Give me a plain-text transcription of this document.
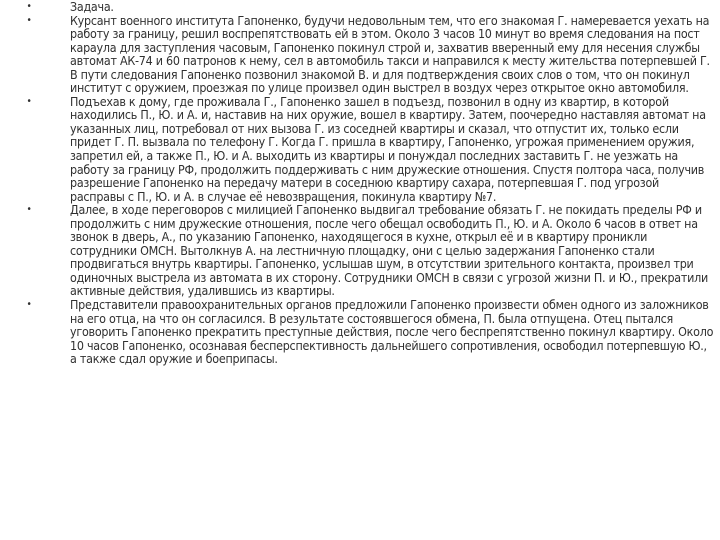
•	Задача.
•	Курсант военного института Гапоненко, будучи недовольным тем, что его знакомая Г. намеревается уехать на работу за границу, решил воспрепятствовать ей в этом. Около 3 часов 10 минут во время следования на пост караула для заступления часовым, Гапоненко покинул строй и, захватив вверенный ему для несения службы автомат АК-74 и 60 патронов к нему, сел в автомобиль такси и направился к месту жительства потерпевшей Г. В пути следования Гапоненко позвонил знакомой В. и для подтверждения своих слов о том, что он покинул институт с оружием, проезжая по улице произвел один выстрел в воздух через открытое окно автомобиля.
•	Подъехав к дому, где проживала Г., Гапоненко зашел в подъезд, позвонил в одну из квартир, в которой находились П., Ю. и А. и, наставив на них оружие, вошел в квартиру. Затем, поочередно наставляя автомат на указанных лиц, потребовал от них вызова Г. из соседней квартиры и сказал, что отпустит их, только если придет Г. П. вызвала по телефону Г. Когда Г. пришла в квартиру, Гапоненко, угрожая применением оружия, запретил ей, а также П., Ю. и А. выходить из квартиры и понуждал последних заставить Г. не уезжать на работу за границу РФ, продолжить поддерживать с ним дружеские отношения. Спустя полтора часа, получив разрешение Гапоненко на передачу матери в соседнюю квартиру сахара, потерпевшая Г. под угрозой расправы с П., Ю. и А. в случае её невозвращения, покинула квартиру №7.
•	Далее, в ходе переговоров с милицией Гапоненко выдвигал требование обязать Г. не покидать пределы РФ и продолжить с ним дружеские отношения, после чего обещал освободить П., Ю. и А. Около 6 часов в ответ на звонок в дверь, А., по указанию Гапоненко, находящегося в кухне, открыл её и в квартиру проникли сотрудники ОМСН. Вытолкнув А. на лестничную площадку, они с целью задержания Гапоненко стали продвигаться внутрь квартиры. Гапоненко, услышав шум, в отсутствии зрительного контакта, произвел три одиночных выстрела из автомата в их сторону. Сотрудники ОМСН в связи с угрозой жизни П. и Ю., прекратили активные действия, удалившись из квартиры.
•	Представители правоохранительных органов предложили Гапоненко произвести обмен одного из заложников на его отца, на что он согласился. В результате состоявшегося обмена, П. была отпущена. Отец пытался уговорить Гапоненко прекратить преступные действия, после чего беспрепятственно покинул квартиру. Около 10 часов Гапоненко, осознавая бесперспективность дальнейшего сопротивления, освободил потерпевшую Ю., а также сдал оружие и боеприпасы.
